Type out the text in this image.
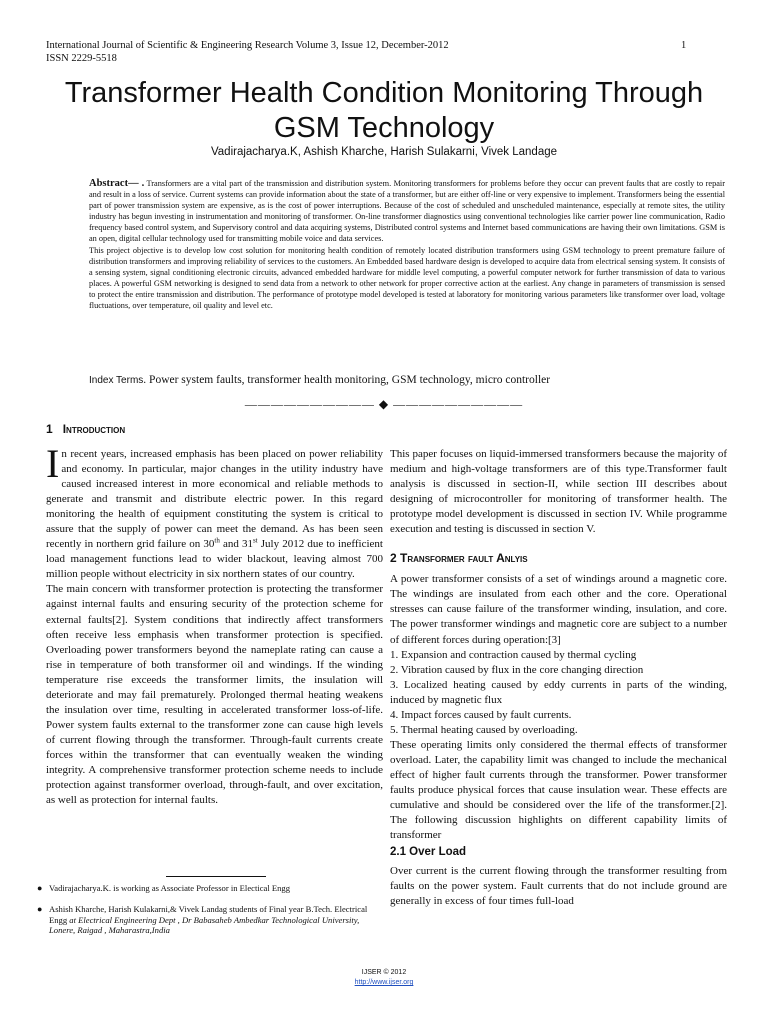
International Journal of Scientific & Engineering Research Volume 3, Issue 12, December-2012
ISSN 2229-5518
1
Transformer Health Condition Monitoring Through
GSM Technology
Vadirajacharya.K, Ashish Kharche, Harish Sulakarni, Vivek Landage

Abstract— . Transformers are a vital part of the transmission and distribution system. Monitoring transformers for problems before they occur can prevent faults that are costly to repair and result in a loss of service. Current systems can provide information about the state of a transformer, but are either off-line or very expensive to implement. Transformers being the essential part of power transmission system are expensive, as is the cost of power interruptions. Because of the cost of scheduled and unscheduled maintenance, especially at remote sites, the utility industry has begun investing in instrumentation and monitoring of transformer. On-line transformer diagnostics using conventional technologies like carrier power line communication, Radio frequency based control system, and Supervisory control and data acquiring systems, Distributed control systems and Internet based communications are having their own limitations. GSM is an open, digital cellular technology used for transmitting mobile voice and data services.

This project objective is to develop low cost solution for monitoring health condition of remotely located distribution transformers using GSM technology to preent premature failure of distribution transformers and improving reliability of services to the customers. An Embedded based hardware design is developed to acquire data from electrical sensing system. It consists of a sensing system, signal conditioning electronic circuits, advanced embedded hardware for middle level computing, a powerful computer network for further transmission of data to various places. A powerful GSM networking is designed to send data from a network to other network for proper corrective action at the earliest. Any change in parameters of transmission is sensed to protect the entire transmission and distribution. The performance of prototype model developed is tested at laboratory for monitoring various parameters like transformer over load, voltage fluctuations, over temperature, oil quality and level etc.

Index Terms. Power system faults, transformer health monitoring, GSM technology, micro controller
—————————— ◆ ——————————
1 Introduction

In recent years, increased emphasis has been placed on power reliability and economy. In particular, major changes in the utility industry have caused increased interest in more economical and reliable methods to generate and transmit and distribute electric power. In this regard monitoring the health of equipment constituting the system is critical to assure that the supply of power can meet the demand. As has been seen recently in northern grid failure on 30th and 31st July 2012 due to inefficient load management functions lead to wider blackout, leaving almost 700 million people without electricity in six northern states of our country.

The main concern with transformer protection is protecting the transformer against internal faults and ensuring security of the protection scheme for external faults[2]. System conditions that indirectly affect transformers often receive less emphasis when transformer protection is specified. Overloading power transformers beyond the nameplate rating can cause a rise in temperature of both transformer oil and windings. If the winding temperature rise exceeds the transformer limits, the insulation will deteriorate and may fail prematurely. Prolonged thermal heating weakens the insulation over time, resulting in accelerated transformer loss-of-life. Power system faults external to the transformer zone can cause high levels of current flowing through the transformer. Through-fault currents create forces within the transformer that can eventually weaken the winding integrity. A comprehensive transformer protection scheme needs to include protection against transformer overload, through-fault, and over excitation, as well as protection for internal faults.

● Vadirajacharya.K. is working as Associate Professor in Electical Engg
● Ashish Kharche, Harish Kulakarni,& Vivek Landag students of Final year B.Tech. Electrical Engg at Electrical Engineering Dept , Dr Babasaheb Ambedkar Technological University, Lonere, Raigad , Maharastra,India

This paper focuses on liquid-immersed transformers because the majority of medium and high-voltage transformers are of this type.Transformer fault analysis is discussed in section-II, while section III describes about designing of microcontroller for monitoring of transformer health. The prototype model development is discussed in section IV. While programme execution and testing is discussed in section V.

2 Transformer fault Anlyis

A power transformer consists of a set of windings around a magnetic core. The windings are insulated from each other and the core. Operational stresses can cause failure of the transformer winding, insulation, and core. The power transformer windings and magnetic core are subject to a number of different forces during operation:[3]

1. Expansion and contraction caused by thermal cycling

2. Vibration caused by flux in the core changing direction

3. Localized heating caused by eddy currents in parts of the winding, induced by magnetic flux

4. Impact forces caused by fault currents.

5. Thermal heating caused by overloading.

These operating limits only considered the thermal effects of transformer overload. Later, the capability limit was changed to include the mechanical effect of higher fault currents through the transformer. Power transformer faults produce physical forces that cause insulation wear. These effects are cumulative and should be considered over the life of the transformer.[2]. The following discussion highlights on different capability limits of transformer

2.1 Over Load

Over current is the current flowing through the transformer resulting from faults on the power system. Fault currents that do not include ground are generally in excess of four times full-load

IJSER © 2012
http://www.ijser.org
